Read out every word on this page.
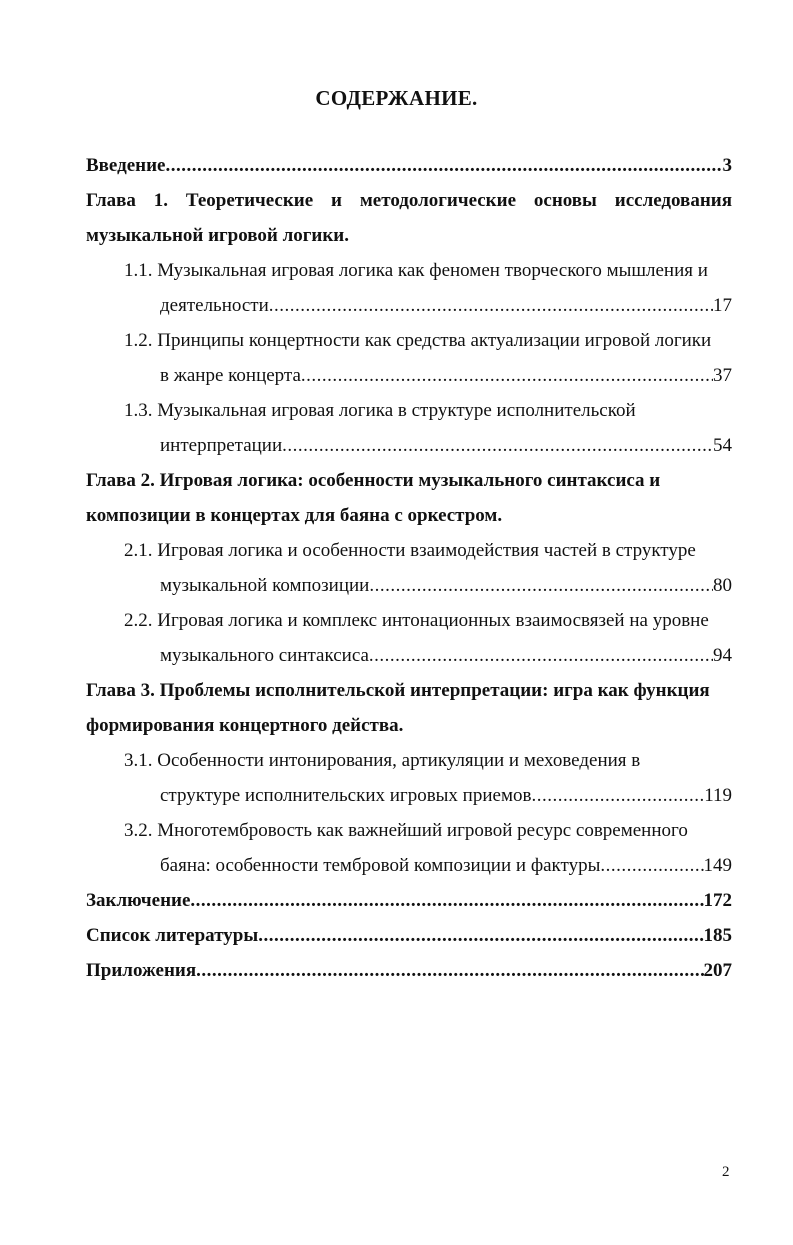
СОДЕРЖАНИЕ.
Введение .....	3
Глава 1. Теоретические и методологические основы исследования
музыкальной игровой логики.
1.1. Музыкальная игровая логика как феномен творческого мышления и
деятельности .....	17
1.2. Принципы концертности как средства актуализации игровой логики
в жанре концерта .....	37
1.3. Музыкальная игровая логика в структуре исполнительской
интерпретации .....	54
Глава 2. Игровая логика: особенности музыкального синтаксиса и
композиции в концертах для баяна с оркестром.
2.1. Игровая логика и особенности взаимодействия частей в структуре
музыкальной композиции .....	80
2.2. Игровая логика и комплекс интонационных взаимосвязей на уровне
музыкального синтаксиса .....	94
Глава 3. Проблемы исполнительской интерпретации: игра как функция
формирования концертного действа.
3.1. Особенности интонирования, артикуляции и меховедения в
структуре исполнительских игровых приемов .....	119
3.2. Многотембровость как важнейший игровой ресурс современного
баяна: особенности тембровой композиции и фактуры .....	149
Заключение .....	172
Список литературы .....	185
Приложения .....	207
2
